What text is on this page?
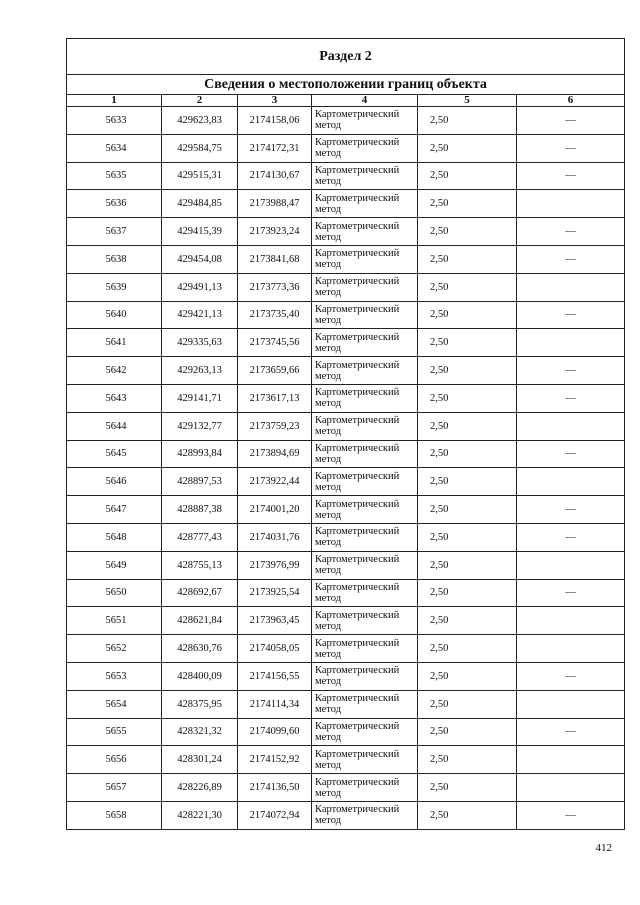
Раздел 2					
Сведения о местоположении границ объекта					
1	2	3	4	5	6
5633	429623,83	2174158,06	Картометрический метод	2,50	—
5634	429584,75	2174172,31	Картометрический метод	2,50	—
5635	429515,31	2174130,67	Картометрический метод	2,50	—
5636	429484,85	2173988,47	Картометрический метод	2,50	
5637	429415,39	2173923,24	Картометрический метод	2,50	—
5638	429454,08	2173841,68	Картометрический метод	2,50	—
5639	429491,13	2173773,36	Картометрический метод	2,50	
5640	429421,13	2173735,40	Картометрический метод	2,50	—
5641	429335,63	2173745,56	Картометрический метод	2,50	
5642	429263,13	2173659,66	Картометрический метод	2,50	—
5643	429141,71	2173617,13	Картометрический метод	2,50	—
5644	429132,77	2173759,23	Картометрический метод	2,50	
5645	428993,84	2173894,69	Картометрический метод	2,50	—
5646	428897,53	2173922,44	Картометрический метод	2,50	
5647	428887,38	2174001,20	Картометрический метод	2,50	—
5648	428777,43	2174031,76	Картометрический метод	2,50	—
5649	428755,13	2173976,99	Картометрический метод	2,50	
5650	428692,67	2173925,54	Картометрический метод	2,50	—
5651	428621,84	2173963,45	Картометрический метод	2,50	
5652	428630,76	2174058,05	Картометрический метод	2,50	
5653	428400,09	2174156,55	Картометрический метод	2,50	—
5654	428375,95	2174114,34	Картометрический метод	2,50	
5655	428321,32	2174099,60	Картометрический метод	2,50	—
5656	428301,24	2174152,92	Картометрический метод	2,50	
5657	428226,89	2174136,50	Картометрический метод	2,50	
5658	428221,30	2174072,94	Картометрический метод	2,50	—
412
